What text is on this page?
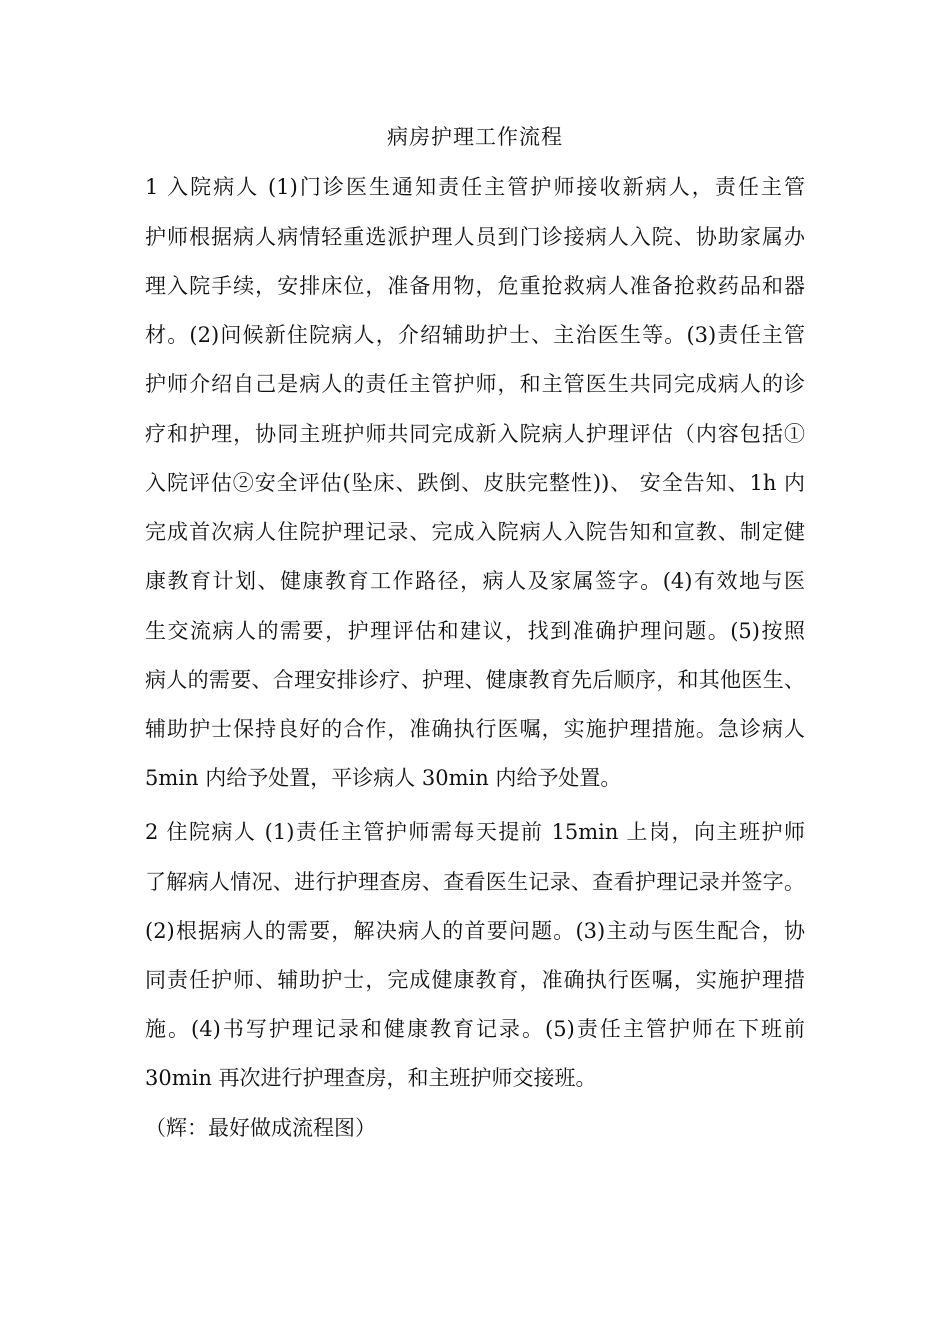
病房护理工作流程
1 入院病人 (1)门诊医生通知责任主管护师接收新病人，责任主管
护师根据病人病情轻重选派护理人员到门诊接病人入院、协助家属办
理入院手续，安排床位，准备用物，危重抢救病人准备抢救药品和器
材。(2)问候新住院病人，介绍辅助护士、主治医生等。(3)责任主管
护师介绍自己是病人的责任主管护师，和主管医生共同完成病人的诊
疗和护理，协同主班护师共同完成新入院病人护理评估（内容包括①
入院评估②安全评估(坠床、跌倒、皮肤完整性))、 安全告知、1h 内
完成首次病人住院护理记录、完成入院病人入院告知和宣教、制定健
康教育计划、健康教育工作路径，病人及家属签字。(4)有效地与医
生交流病人的需要，护理评估和建议，找到准确护理问题。(5)按照
病人的需要、合理安排诊疗、护理、健康教育先后顺序，和其他医生、
辅助护士保持良好的合作，准确执行医嘱，实施护理措施。急诊病人
5min 内给予处置，平诊病人 30min 内给予处置。
2 住院病人 (1)责任主管护师需每天提前 15min 上岗，向主班护师
了解病人情况、进行护理查房、查看医生记录、查看护理记录并签字。
(2)根据病人的需要，解决病人的首要问题。(3)主动与医生配合，协
同责任护师、辅助护士，完成健康教育，准确执行医嘱，实施护理措
施。(4)书写护理记录和健康教育记录。(5)责任主管护师在下班前
30min 再次进行护理查房，和主班护师交接班。
（辉：最好做成流程图）
